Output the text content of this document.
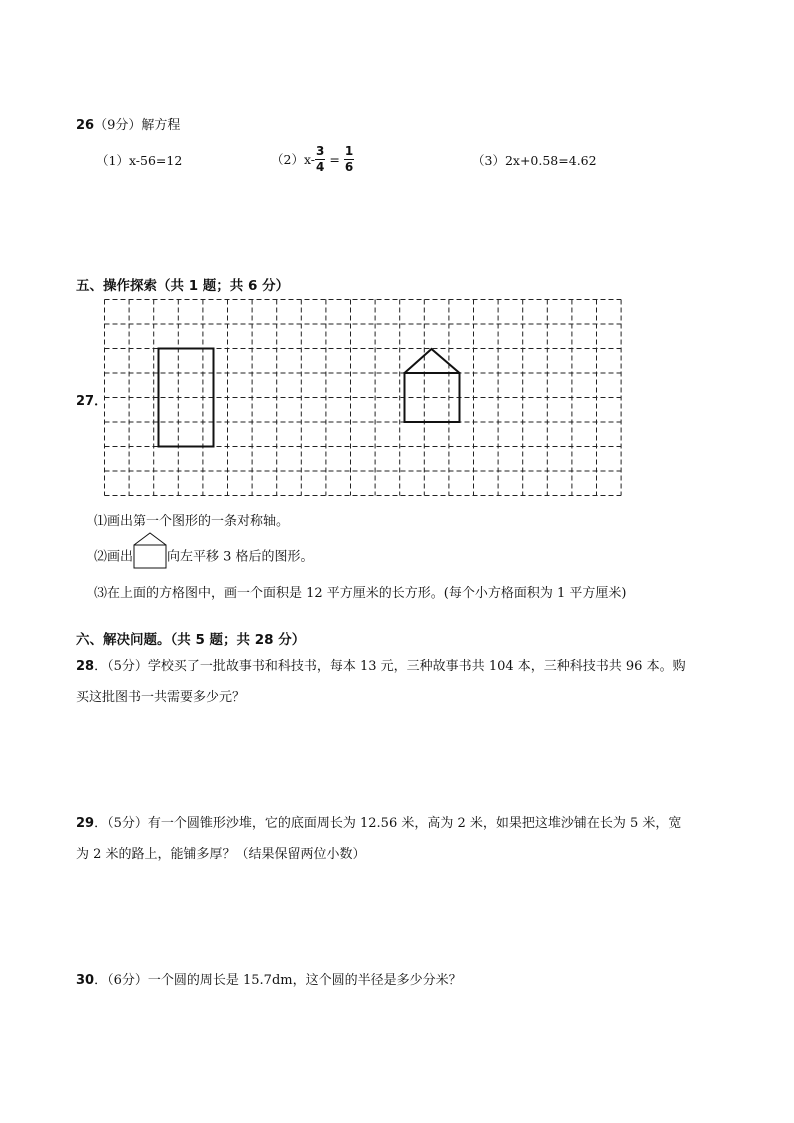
26（9分）解方程
（1）x-56=12	$(2)x- \frac{3}{4} = \frac{1}{6}$	（3）2x+0.58=4.62
五、操作探索（共 1 题；共 6 分）
27．
⑴画出第一个图形的一条对称轴。
⑵画出	向左平移 3 格后的图形。
⑶在上面的方格图中，画一个面积是 12 平方厘米的长方形。(每个小方格面积为 1 平方厘米)
六、解决问题。（共 5 题；共 28 分）
28．（5分）学校买了一批故事书和科技书，每本 13 元，三种故事书共 104 本，三种科技书共 96 本。购
买这批图书一共需要多少元？
29．（5分）有一个圆锥形沙堆，它的底面周长为 12.56 米，高为 2 米，如果把这堆沙铺在长为 5 米，宽
为 2 米的路上，能铺多厚？（结果保留两位小数）
30．（6分）一个圆的周长是 15.7dm，这个圆的半径是多少分米？
